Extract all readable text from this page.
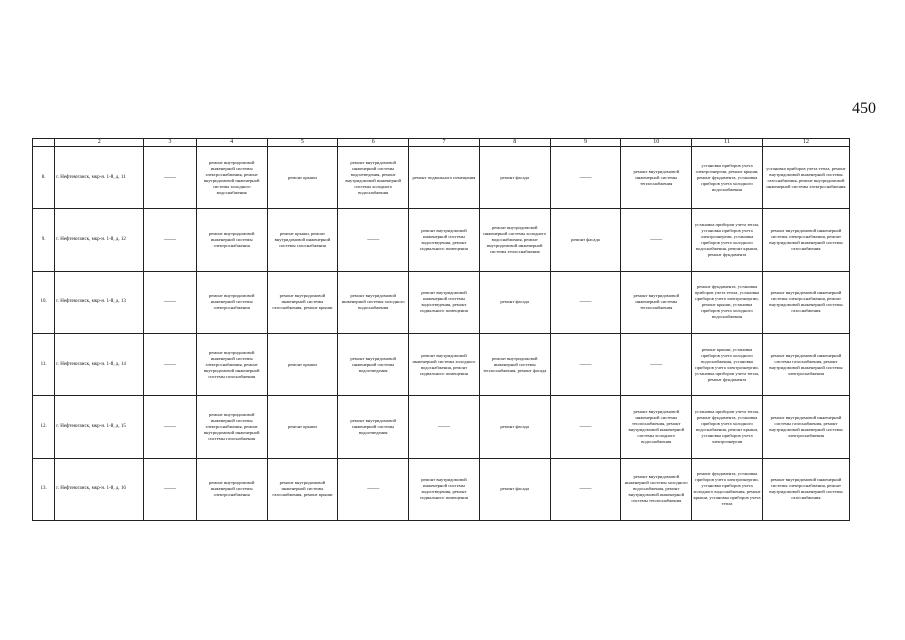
450
	2	3	4	5	6	7	8	9	10	11	12
8.	г. Нефтеюганск, мкр-н. 1-й, д. 11	——	ремонт внутридомовой инженерной системы электроснабжения, ремонт внутридомовой инженерной системы холодного водоснабжения	ремонт крыши	ремонт внутридомовой инженерной системы водоотведения, ремонт внутридомовой инженерной системы холодного водоснабжения	ремонт подвального помещения	ремонт фасада	——	ремонт внутридомовой инженерной системы теплоснабжения	установка приборов учета электроэнергии, ремонт крыши, ремонт фундамента, установка приборов учета холодного водоснабжения	установка приборов учета тепла, ремонт внутридомовой инженерной системы газоснабжения, ремонт внутридомовой инженерной системы электроснабжения
9.	г. Нефтеюганск, мкр-н. 1-й, д. 12	——	ремонт внутридомовой инженерной системы электроснабжения	ремонт крыши, ремонт внутридомовой инженерной системы газоснабжения	——	ремонт внутридомовой инженерной системы водоотведения, ремонт подвального помещения	ремонт внутридомовой инженерной системы холодного водоснабжения, ремонт внутридомовой инженерной системы теплоснабжения	ремонт фасада	——	установка приборов учета тепла, установка приборов учета электроэнергии, установка приборов учета холодного водоснабжения, ремонт крыши, ремонт фундамента	ремонт внутридомовой инженерной системы электроснабжения, ремонт внутридомовой инженерной системы газоснабжения
10.	г. Нефтеюганск, мкр-н. 1-й, д. 13	——	ремонт внутридомовой инженерной системы электроснабжения	ремонт внутридомовой инженерной системы газоснабжения, ремонт крыши	ремонт внутридомовой инженерной системы холодного водоснабжения	ремонт внутридомовой инженерной системы водоотведения, ремонт подвального помещения	ремонт фасада	——	ремонт внутридомовой инженерной системы теплоснабжения	ремонт фундамента, установка приборов учета тепла, установка приборов учета электроэнергии, ремонт крыши, установка приборов учета холодного водоснабжения	ремонт внутридомовой инженерной системы электроснабжения, ремонт внутридомовой инженерной системы газоснабжения
11.	г. Нефтеюганск, мкр-н. 1-й, д. 14	——	ремонт внутридомовой инженерной системы электроснабжения, ремонт внутридомовой инженерной системы газоснабжения	ремонт крыши	ремонт внутридомовой инженерной системы водоотведения	ремонт внутридомовой инженерной системы холодного водоснабжения, ремонт подвального помещения	ремонт внутридомовой инженерной системы теплоснабжения, ремонт фасада	——	——	ремонт крыши, установка приборов учета холодного водоснабжения, установка приборов учета электроэнергии, установка приборов учета тепла, ремонт фундамента	ремонт внутридомовой инженерной системы газоснабжения, ремонт внутридомовой инженерной системы электроснабжения
12.	г. Нефтеюганск, мкр-н. 1-й, д. 15	——	ремонт внутридомовой инженерной системы электроснабжения, ремонт внутридомовой инженерной системы газоснабжения	ремонт крыши	ремонт внутридомовой инженерной системы водоотведения	——	ремонт фасада	——	ремонт внутридомовой инженерной системы теплоснабжения, ремонт внутридомовой инженерной системы холодного водоснабжения	установка приборов учета тепла, ремонт фундамента, установка приборов учета холодного водоснабжения, ремонт крыши, установка приборов учета электроэнергии	ремонт внутридомовой инженерной системы газоснабжения, ремонт внутридомовой инженерной системы электроснабжения
13.	г. Нефтеюганск, мкр-н. 1-й, д. 16	——	ремонт внутридомовой инженерной системы электроснабжения	ремонт внутридомовой инженерной системы газоснабжения, ремонт крыши	——	ремонт внутридомовой инженерной системы водоотведения, ремонт подвального помещения	ремонт фасада	——	ремонт внутридомовой инженерной системы холодного водоснабжения, ремонт внутридомовой инженерной системы теплоснабжения	ремонт фундамента, установка приборов учета электроэнергии, установка приборов учета холодного водоснабжения, ремонт крыши, установка приборов учета тепла	ремонт внутридомовой инженерной системы электроснабжения, ремонт внутридомовой инженерной системы газоснабжения
